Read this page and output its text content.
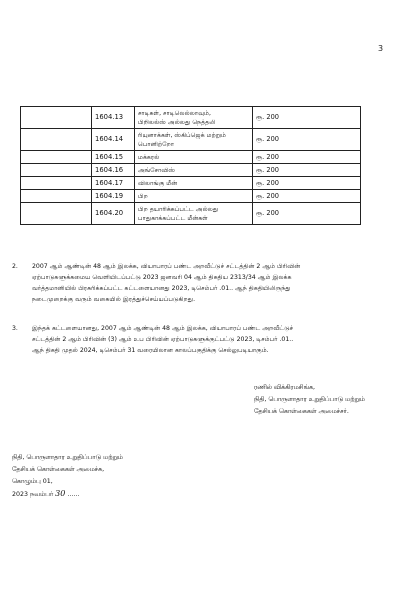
3
	1604.13	சாடிகள், சாடிலெல்லாவும்,
பிறிலல்ஸ் அல்லது நெத்தலி	ரூ. 200
	1604.14	ரியுனாக்கள், ஸ்கிப்ஜெக் மற்றும்
பொனிற்றோ	ரூ. 200
	1604.15	மக்கரல்	ரூ. 200
	1604.16	அங்சோவிஸ்	ரூ. 200
	1604.17	விலாங்கு மீன்	ரூ. 200
	1604.19	பிற	ரூ. 200
	1604.20	பிற தயாரிக்கப்பட்ட அல்லது
பாதுகாக்கப்பட்ட மீன்கள்	ரூ. 200
2. 2007 ஆம் ஆண்டின் 48 ஆம் இலக்க, வியாபாரப் பண்ட அறவீட்டுச் சட்டத்தின் 2 ஆம் பிரிவின்
ஏற்பாடுகளுக்கமைய வெளியிடப்பட்டு 2023 ஜனவரி 04 ஆம் திகதிய 2313/34 ஆம் இலக்க
வர்த்தமானியில் பிரசுரிக்கப்பட்ட கட்டளையானது 2023, டிசெம்பர் .01.. ஆந் திகதியிலிருந்து
நடைமுறைக்கு வரும் வகையில் இரத்துச்செய்யப்படுகிறது.
3. இந்தக் கட்டளையானது, 2007 ஆம் ஆண்டின் 48 ஆம் இலக்க, வியாபாரப் பண்ட அறவீட்டுச்
சட்டத்தின் 2 ஆம் பிரிவின் (3) ஆம் உப பிரிவின் ஏற்பாடுகளுக்குட்பட்டு 2023, டிசம்பர் .01..
ஆந் திகதி முதல் 2024, டிசெம்பர் 31 வரையிலான காலப்பகுதிக்கு செல்லுபடியாகும்.
ரணில் விக்கிரமசிங்க,
நிதி, பொருளாதார உறுதிப்பாடு மற்றும்
தேசியக் கொள்கைகள் அமைச்சர்.
நிதி, பொருளாதார உறுதிப்பாடு மற்றும்
தேசியக் கொள்கைகள் அமைச்சு,
கொழும்பு 01,
2023 நவம்பர் 30 ......
